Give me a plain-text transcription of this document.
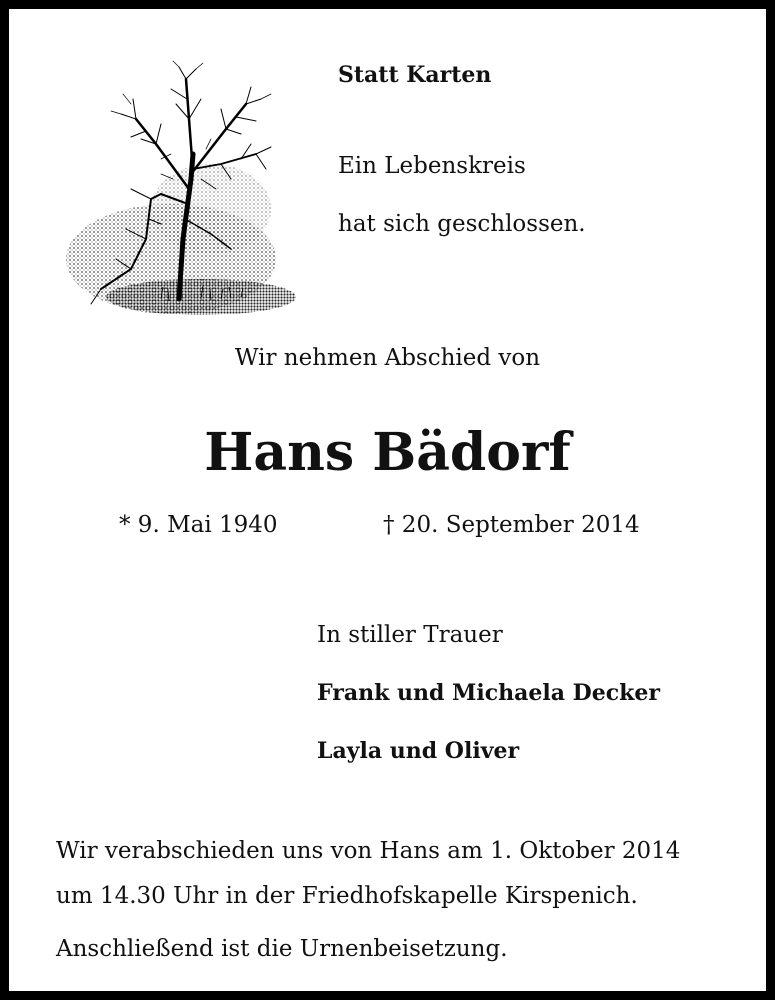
Statt Karten
Ein Lebenskreis
hat sich geschlossen.
Wir nehmen Abschied von
Hans Bädorf
* 9. Mai 1940	† 20. September 2014
In stiller Trauer
Frank und Michaela Decker
Layla und Oliver
Wir verabschieden uns von Hans am 1. Oktober 2014
um 14.30 Uhr in der Friedhofskapelle Kirspenich.
Anschließend ist die Urnenbeisetzung.
